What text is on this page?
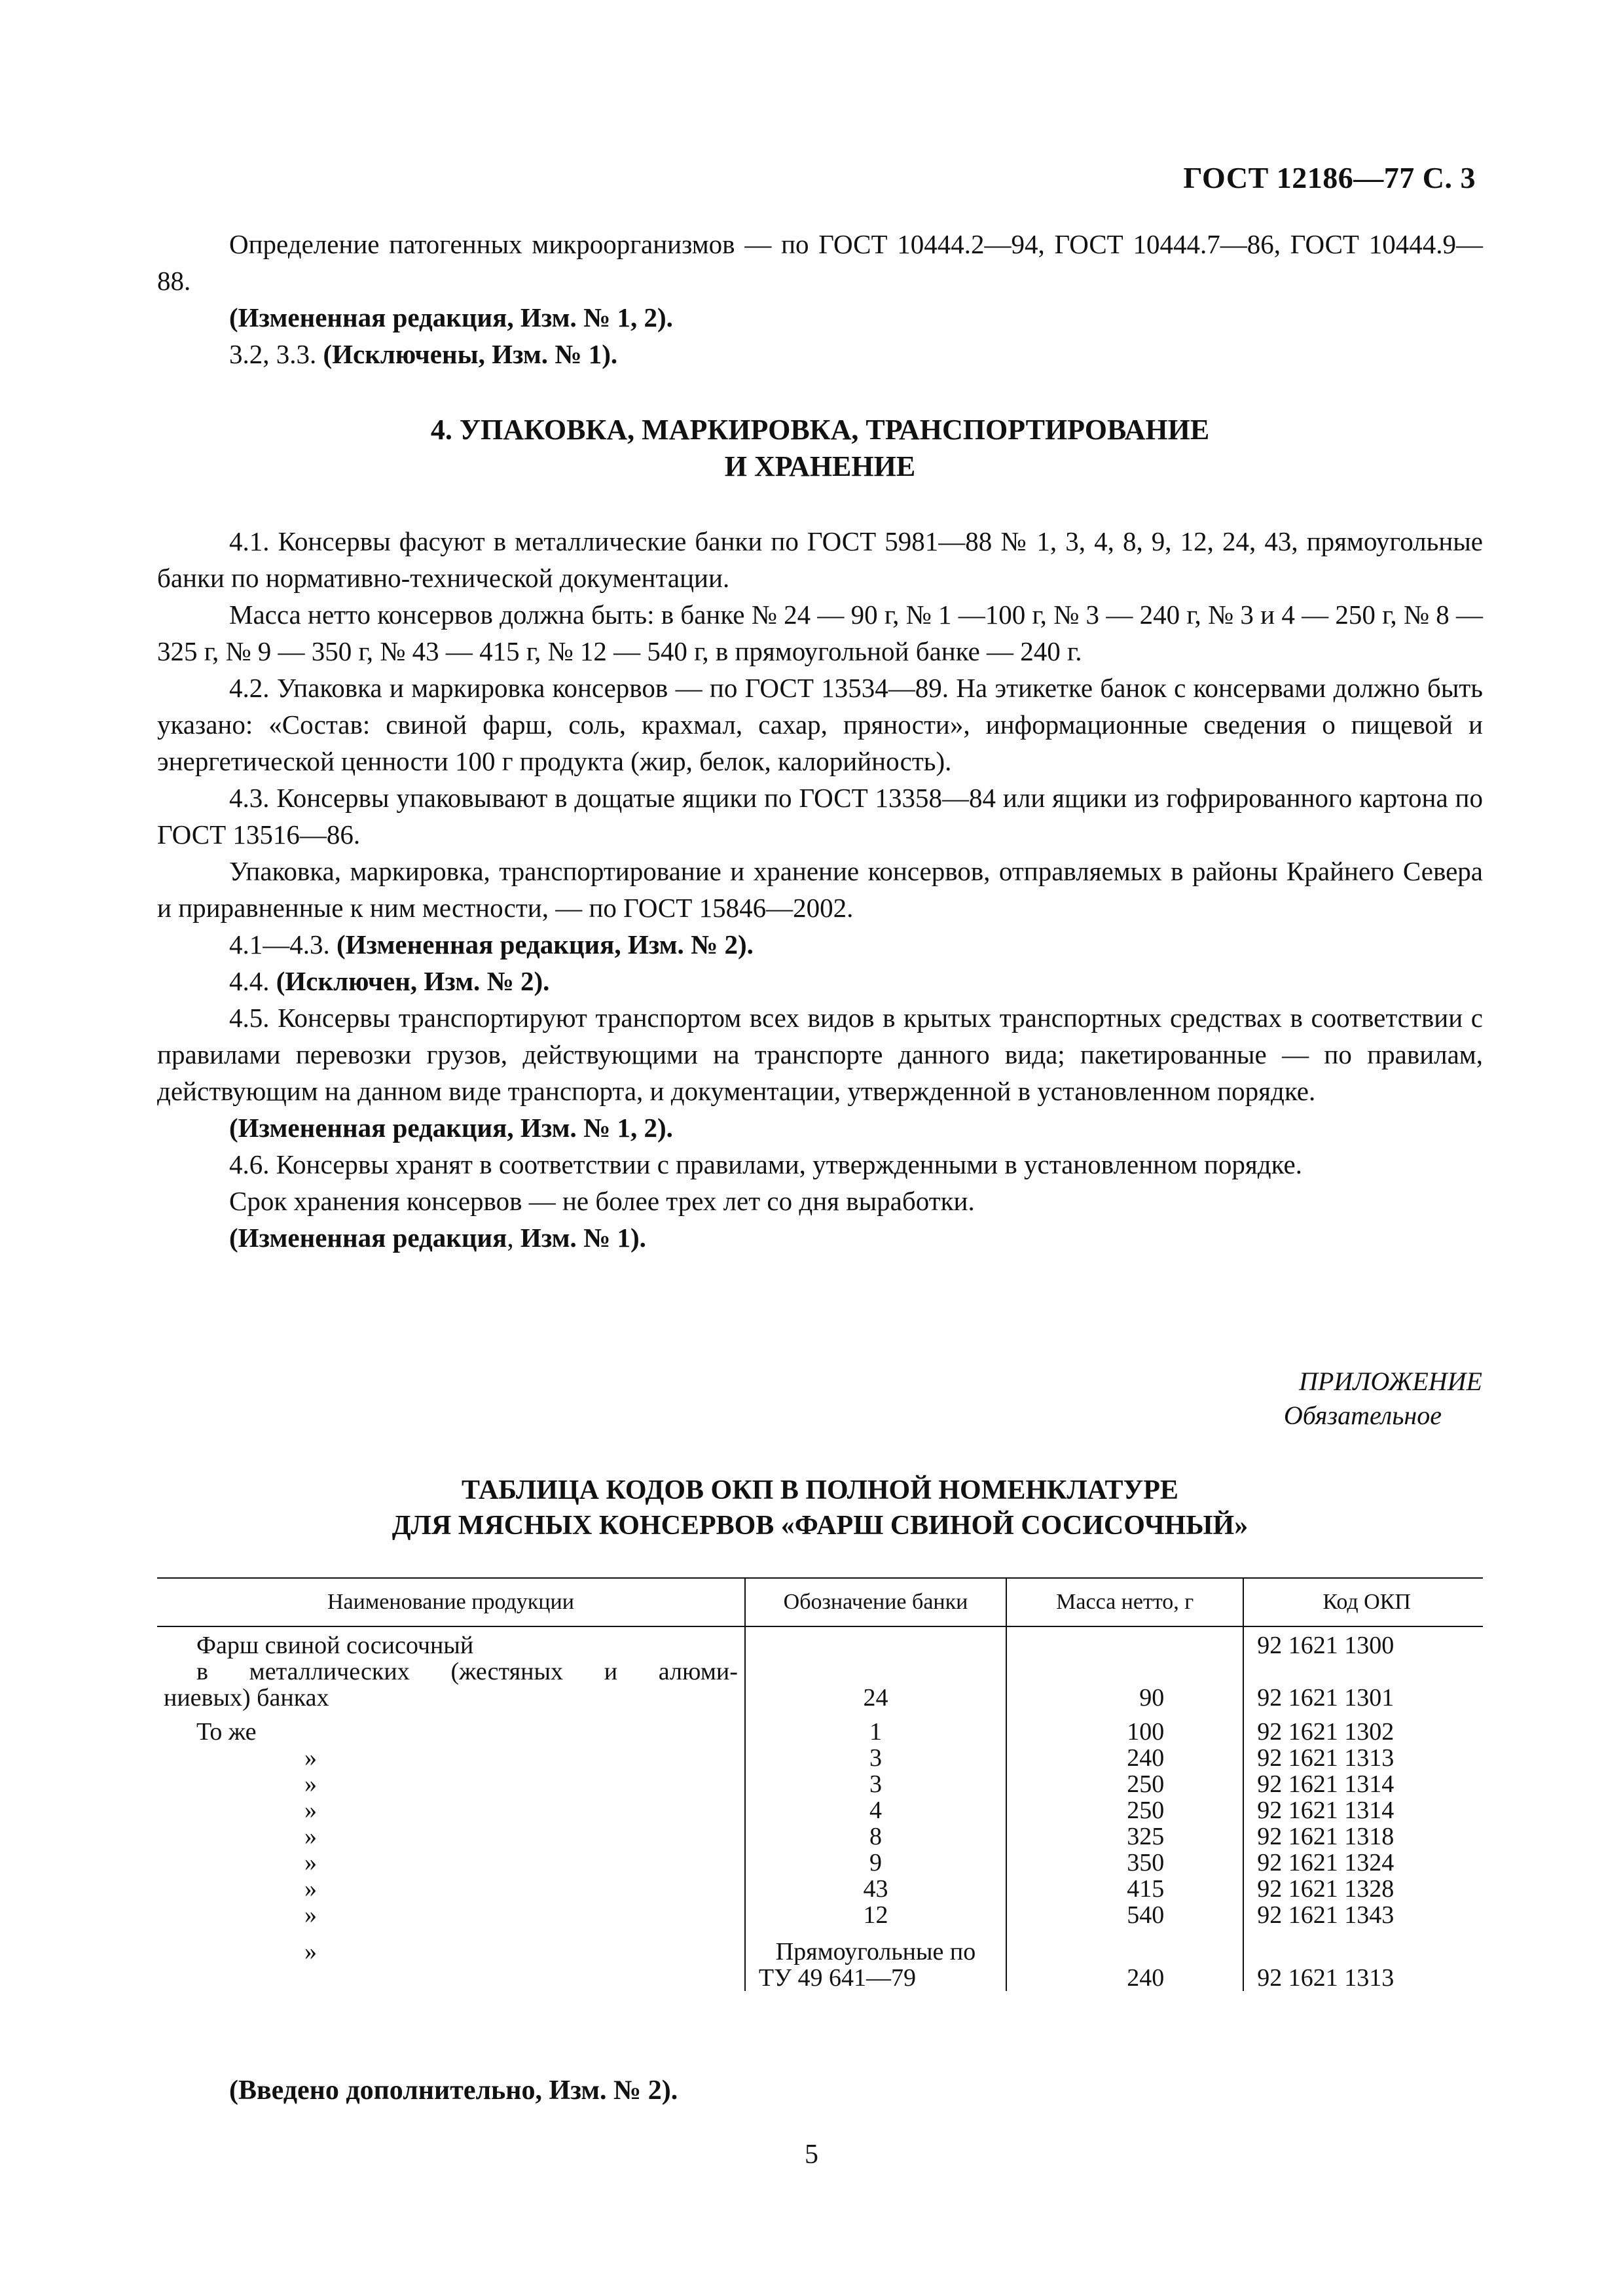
ГОСТ 12186—77 С. 3

Определение патогенных микроорганизмов — по ГОСТ 10444.2—94, ГОСТ 10444.7—86, ГОСТ 10444.9—88.

(Измененная редакция, Изм. № 1, 2).

3.2, 3.3. (Исключены, Изм. № 1).

4. УПАКОВКА, МАРКИРОВКА, ТРАНСПОРТИРОВАНИЕ
И ХРАНЕНИЕ

4.1. Консервы фасуют в металлические банки по ГОСТ 5981—88 № 1, 3, 4, 8, 9, 12, 24, 43, прямоугольные банки по нормативно-технической документации.

Масса нетто консервов должна быть: в банке № 24 — 90 г, № 1 —100 г, № 3 — 240 г, № 3 и 4 — 250 г, № 8 — 325 г, № 9 — 350 г, № 43 — 415 г, № 12 — 540 г, в прямоугольной банке — 240 г.

4.2. Упаковка и маркировка консервов — по ГОСТ 13534—89. На этикетке банок с консервами должно быть указано: «Состав: свиной фарш, соль, крахмал, сахар, пряности», информационные сведения о пищевой и энергетической ценности 100 г продукта (жир, белок, калорийность).

4.3. Консервы упаковывают в дощатые ящики по ГОСТ 13358—84 или ящики из гофрированного картона по ГОСТ 13516—86.

Упаковка, маркировка, транспортирование и хранение консервов, отправляемых в районы Крайнего Севера и приравненные к ним местности, — по ГОСТ 15846—2002.

4.1—4.3. (Измененная редакция, Изм. № 2).

4.4. (Исключен, Изм. № 2).

4.5. Консервы транспортируют транспортом всех видов в крытых транспортных средствах в соответствии с правилами перевозки грузов, действующими на транспорте данного вида; пакетированные — по правилам, действующим на данном виде транспорта, и документации, утвержденной в установленном порядке.

(Измененная редакция, Изм. № 1, 2).

4.6. Консервы хранят в соответствии с правилами, утвержденными в установленном порядке.

Срок хранения консервов — не более трех лет со дня выработки.

(Измененная редакция, Изм. № 1).

ПРИЛОЖЕНИЕ
Обязательное
ТАБЛИЦА КОДОВ ОКП В ПОЛНОЙ НОМЕНКЛАТУРЕ
ДЛЯ МЯСНЫХ КОНСЕРВОВ «ФАРШ СВИНОЙ СОСИСОЧНЫЙ»
Наименование продукции	Обозначение банки	Масса нетто, г	Код ОКП
Фарш свиной сосисочный			92 1621 1300
в металлических (жестяных и алюми-			
ниевых) банках	24	90	92 1621 1301
То же	1	100	92 1621 1302
»	3	240	92 1621 1313
»	3	250	92 1621 1314
»	4	250	92 1621 1314
»	8	325	92 1621 1318
»	9	350	92 1621 1324
»	43	415	92 1621 1328
»	12	540	92 1621 1343
»	Прямоугольные по		
	ТУ 49 641—79	240	92 1621 1313
(Введено дополнительно, Изм. № 2).
5
